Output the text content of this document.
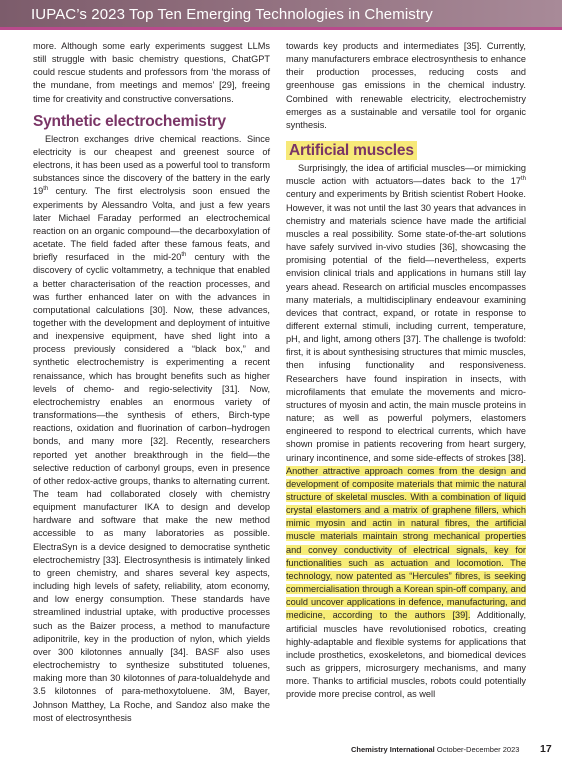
IUPAC’s 2023 Top Ten Emerging Technologies in Chemistry

more. Although some early experiments suggest LLMs still struggle with basic chemistry questions, ChatGPT could rescue students and professors from ‘the morass of the mundane, from meetings and memos’ [29], freeing time for creativity and constructive conversations.

Synthetic electrochemistry

Electron exchanges drive chemical reactions. Since electricity is our cheapest and greenest source of electrons, it has been used as a powerful tool to transform substances since the discovery of the battery in the early 19th century. The first electrolysis soon ensued the experiments by Alessandro Volta, and just a few years later Michael Faraday performed an electrochemical reaction on an organic compound—the decarboxylation of acetate. The field faded after these famous feats, and briefly resurfaced in the mid-20th century with the discovery of cyclic voltammetry, a technique that enabled a better characterisation of the reaction processes, and was further enhanced later on with the advances in computational calculations [30]. Now, these advances, together with the development and deployment of intuitive and inexpensive equipment, have shed light into a process previously considered a “black box,” and synthetic electrochemistry is experimenting a recent renaissance, which has brought benefits such as higher levels of chemo- and regio-selectivity [31]. Now, electrochemistry enables an enormous variety of transformations—the synthesis of ethers, Birch-type reactions, oxidation and fluorination of carbon–hydrogen bonds, and many more [32]. Recently, researchers reported yet another breakthrough in the field—the selective reduction of carbonyl groups, even in presence of other redox-active groups, thanks to alternating current. The team had collaborated closely with chemistry equipment manufacturer IKA to design and develop hardware and software that make the new method accessible to as many laboratories as possible. ElectraSyn is a device designed to democratise synthetic electrochemistry [33]. Electrosynthesis is intimately linked to green chemistry, and shares several key aspects, including high levels of safety, reliability, atom economy, and low energy consumption. These standards have streamlined industrial uptake, with productive processes such as the Baizer process, a method to manufacture adiponitrile, key in the production of nylon, which yields over 300 kilotonnes annually [34]. BASF also uses electrochemistry to synthesize substituted toluenes, making more than 30 kilotonnes of para-tolualdehyde and 3.5 kilotonnes of para-methoxytoluene. 3M, Bayer, Johnson Matthey, La Roche, and Sandoz also make the most of electrosynthesis

towards key products and intermediates [35]. Currently, many manufacturers embrace electrosynthesis to enhance their production processes, reducing costs and greenhouse gas emissions in the chemical industry. Combined with renewable electricity, electrochemistry emerges as a sustainable and versatile tool for organic synthesis.

Artificial muscles

Surprisingly, the idea of artificial muscles—or mimicking muscle action with actuators—dates back to the 17th century and experiments by British scientist Robert Hooke. However, it was not until the last 30 years that advances in chemistry and materials science have made the artificial muscles a real possibility. Some state-of-the-art solutions have safely survived in-vivo studies [36], showcasing the promising potential of the field—nevertheless, experts envision clinical trials and applications in humans still lay years ahead. Research on artificial muscles encompasses many materials, a multidisciplinary endeavour examining devices that contract, expand, or rotate in response to different external stimuli, including current, temperature, pH, and light, among others [37]. The challenge is twofold: first, it is about synthesising structures that mimic muscles, then infusing functionality and responsiveness. Researchers have found inspiration in insects, with microfilaments that emulate the movements and micro-structures of myosin and actin, the main muscle proteins in nature; as well as powerful polymers, elastomers engineered to respond to electrical currents, which have shown promise in patients recovering from heart surgery, urinary incontinence, and some side-effects of strokes [38]. Another attractive approach comes from the design and development of composite materials that mimic the natural structure of skeletal muscles. With a combination of liquid crystal elastomers and a matrix of graphene fillers, which mimic myosin and actin in natural fibres, the artificial muscle materials maintain strong mechanical properties and convey conductivity of electrical signals, key for functionalities such as actuation and locomotion. The technology, now patented as “Hercules” fibres, is seeking commercialisation through a Korean spin-off company, and could uncover applications in defence, manufacturing, and medicine, according to the authors [39]. Additionally, artificial muscles have revolutionised robotics, creating highly-adaptable and flexible systems for applications that include prosthetics, exoskeletons, and biomedical devices such as grippers, microsurgery mechanisms, and many more. Thanks to artificial muscles, robots could potentially provide more precise control, as well

Chemistry International October-December 2023 17
